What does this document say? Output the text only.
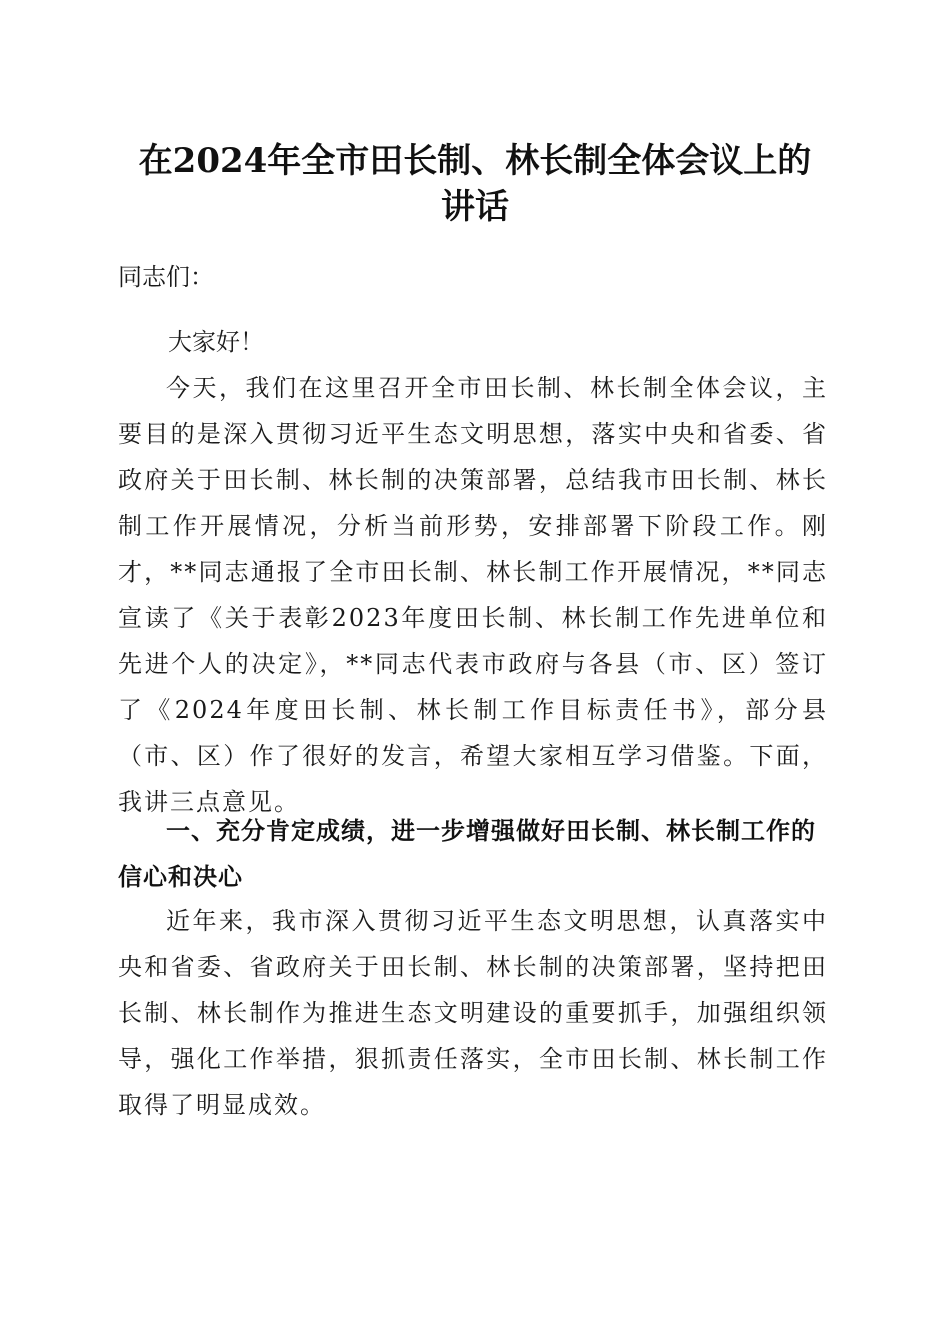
在2024年全市田长制、林长制全体会议上的
讲话
同志们：
大家好！
今天，我们在这里召开全市田长制、林长制全体会议，主要目的是深入贯彻习近平生态文明思想，落实中央和省委、省政府关于田长制、林长制的决策部署，总结我市田长制、林长制工作开展情况，分析当前形势，安排部署下阶段工作。刚才，**同志通报了全市田长制、林长制工作开展情况，**同志宣读了《关于表彰2023年度田长制、林长制工作先进单位和先进个人的决定》，**同志代表市政府与各县（市、区）签订了《2024年度田长制、林长制工作目标责任书》，部分县（市、区）作了很好的发言，希望大家相互学习借鉴。下面，我讲三点意见。
一、充分肯定成绩，进一步增强做好田长制、林长制工作的信心和决心
近年来，我市深入贯彻习近平生态文明思想，认真落实中央和省委、省政府关于田长制、林长制的决策部署，坚持把田长制、林长制作为推进生态文明建设的重要抓手，加强组织领导，强化工作举措，狠抓责任落实，全市田长制、林长制工作取得了明显成效。
